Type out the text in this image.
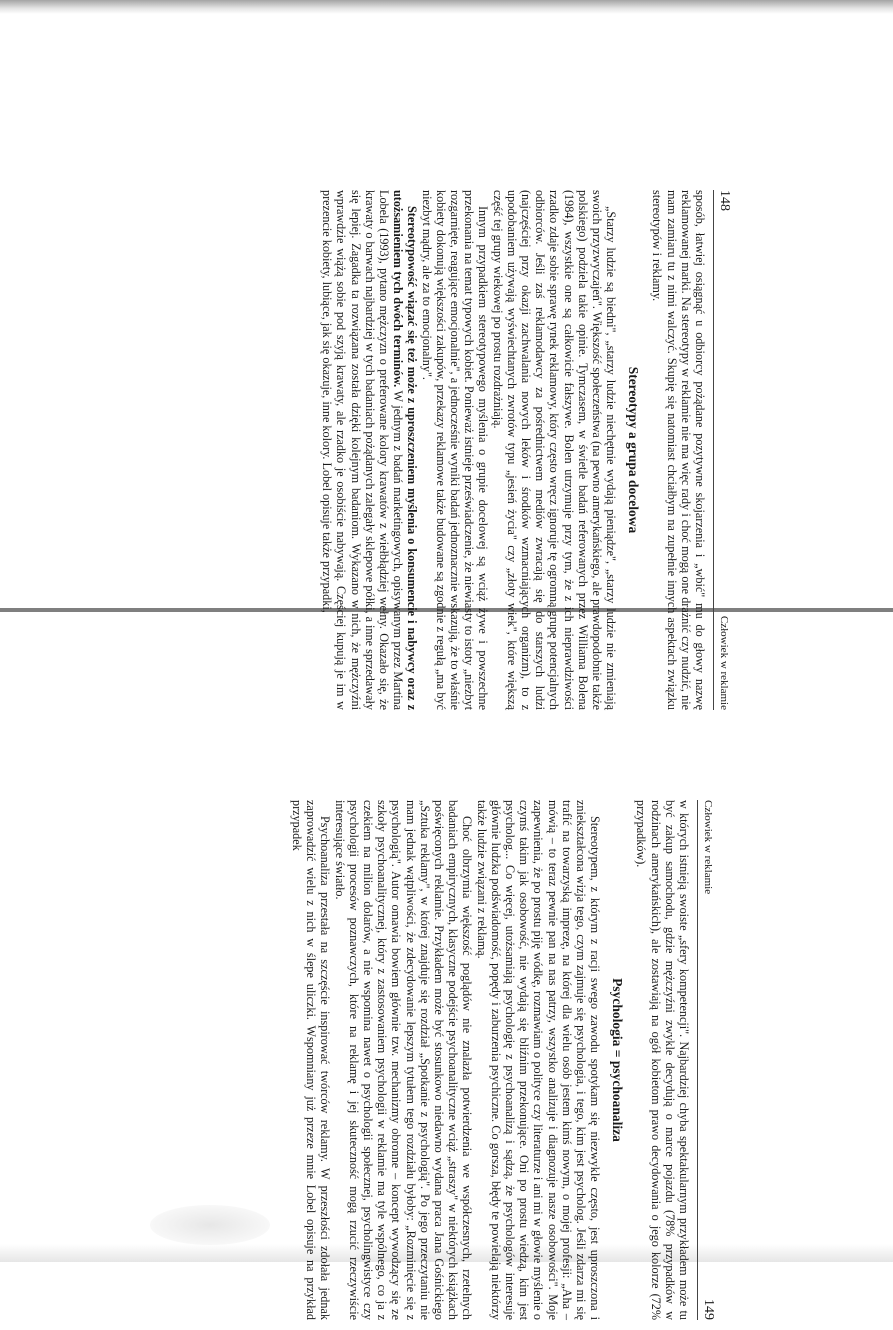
148
Człowiek w reklamie

sposób, łatwiej osiągnąć u odbiorcy pożądane pozytywne skojarzenia i „wbić" mu do głowy nazwę reklamowanej marki. Na stereotypy w reklamie nie ma więc rady i choć mogą one drażnić czy nudzić, nie mam zamiaru tu z nimi walczyć. Skupię się natomiast chciałbym na zupełnie innych aspektach związku stereotypów i reklamy.

Stereotypy a grupa docelowa

„Starzy ludzie są biedni", „starzy ludzie niechętnie wydają pieniądze", „starzy ludzie nie zmieniają swoich przyzwyczajeń". Większość społeczeństwa (na pewno amerykańskiego, ale prawdopodobnie także polskiego) podziela takie opinie. Tymczasem, w świetle badań referowanych przez Williama Bolena (1984), wszystkie one są całkowicie fałszywe. Bolen utrzymuje przy tym, że z ich nieprawdziwości rzadko zdaje sobie sprawę rynek reklamowy, który często wręcz ignoruje tę ogromną grupę potencjalnych odbiorców. Jeśli zaś reklamodawcy za pośrednictwem mediów zwracają się do starszych ludzi (najczęściej przy okazji zachwalania nowych leków i środków wzmacniających organizm), to z upodobaniem używają wyświechtanych zwrotów typu „jesień życia" czy „złoty wiek", które większą część tej grupy wiekowej po prostu rozdrażniają.

Innym przypadkiem stereotypowego myślenia o grupie docelowej są wciąż żywe i powszechne przekonania na temat typowych kobiet. Ponieważ istnieje przeświadczenie, że niewiasty to istoty „niezbyt rozgarnięte, reagujące emocjonalnie", a jednocześnie wyniki badań jednoznacznie wskazują, że to właśnie kobiety dokonują większości zakupów, przekazy reklamowe także budowane są zgodnie z regułą „ma być niezbyt mądry, ale za to emocjonalny".

Stereotypowość wiązać się też może z uproszczeniem myślenia o konsumencie i nabywcy oraz z utożsamieniem tych dwóch terminów. W jednym z badań marketingowych, opisywanym przez Martina Lobela (1993), pytano mężczyzn o preferowane kolory krawatów z wiełbłądziej wełny. Okazało się, że krawaty o barwach najbardziej w tych badaniach pożądanych zalegały sklepowe półki, a inne sprzedawały się lepiej. Zagadka ta rozwiązana została dzięki kolejnym badaniom. Wykazano w nich, że mężczyźni wprawdzie wiążą sobie pod szyją krawaty, ale rzadko je osobiście nabywają. Częściej kupują je im w prezencie kobiety, lubiące, jak się okazuje, inne kolory. Lobel opisuje także przypadki,

Człowiek w reklamie
149

w których istnieją swoiste „sfery kompetencji". Najbardziej chyba spektakularnym przykładem może tu być zakup samochodu, gdzie mężczyźni zwykle decydują o marce pojazdu (78% przypadków w rodzinach amerykańskich), ale zostawiają na ogół kobietom prawo decydowania o jego kolorze (72% przypadków).

Psychologia = psychoanaliza

Stereotypem, z którym z racji swego zawodu spotykam się niezwykle często, jest uproszczona i zniekształcona wizja tego, czym zajmuje się psychologia, i tego, kim jest psycholog. Jeśli zdarza mi się trafić na towarzyską imprezę, na której dla wielu osób jestem kimś nowym, o mojej profesji: „Aha – mówią – to teraz pewnie pan na nas patrzy, wszystko analizuje i diagnozuje nasze osobowości". Moje zapewnienia, że po prostu piję wódkę, rozmawiam o polityce czy literaturze i ani mi w głowie myślenie o czymś takim jak osobowość, nie wydają się bliźnim przekonujące. Oni po prostu wiedzą, kim jest psycholog... Co więcej, utożsamiają psychologię z psychoanalizą i sądzą, że psychologów interesuje głównie ludzka podświadomość, popędy i zaburzenia psychiczne. Co gorsza, błędy te powielają niektórzy także ludzie związani z reklamą.

Choć olbrzymia większość poglądów nie znalazła potwierdzenia we współczesnych, rzetelnych badaniach empirycznych, klasyczne podejście psychoanalityczne wciąż „straszy" w niektórych książkach poświęconych reklamie. Przykładem może być stosunkowo niedawno wydana praca Jana Gośnickiego „Sztuka reklamy", w której znajduje się rozdział „Spotkanie z psychologią". Po jego przeczytaniu nie mam jednak wątpliwości, że zdecydowanie lepszym tytułem tego rozdziału byłoby: „Rozminięcie się z psychologią". Autor omawia bowiem głównie tzw. mechanizmy obronne – koncept wywodzący się ze szkoły psychoanalitycznej, który z zastosowaniem psychologii w reklamie ma tyle wspólnego, co ja z czekiem na milion dolarów, a nie wspomina nawet o psychologii społecznej, psycholingwistyce czy psychologii procesów poznawczych, które na reklamę i jej skuteczność mogą rzucić rzeczywiście interesujące światło.

Psychoanaliza przestała na szczęście inspirować twórców reklamy. W przeszłości zdołała jednak zaprowadzić wielu z nich w ślepe uliczki. Wspomniany już przeze mnie Lobel opisuje na przykład przypadek
